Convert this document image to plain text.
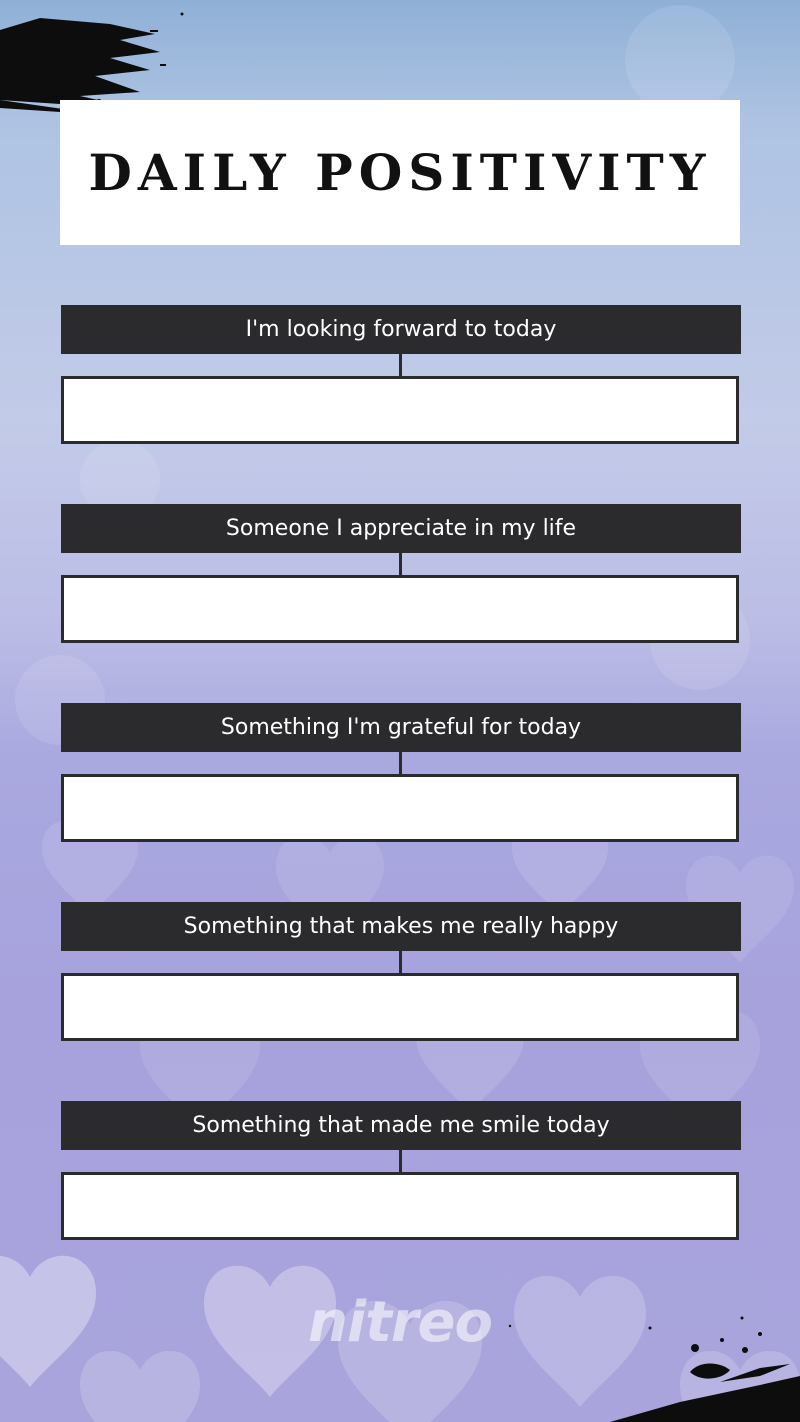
DAILY POSITIVITY
I'm looking forward to today
Someone I appreciate in my life
Something I'm grateful for today
Something that makes me really happy
Something that made me smile today
nitreo
